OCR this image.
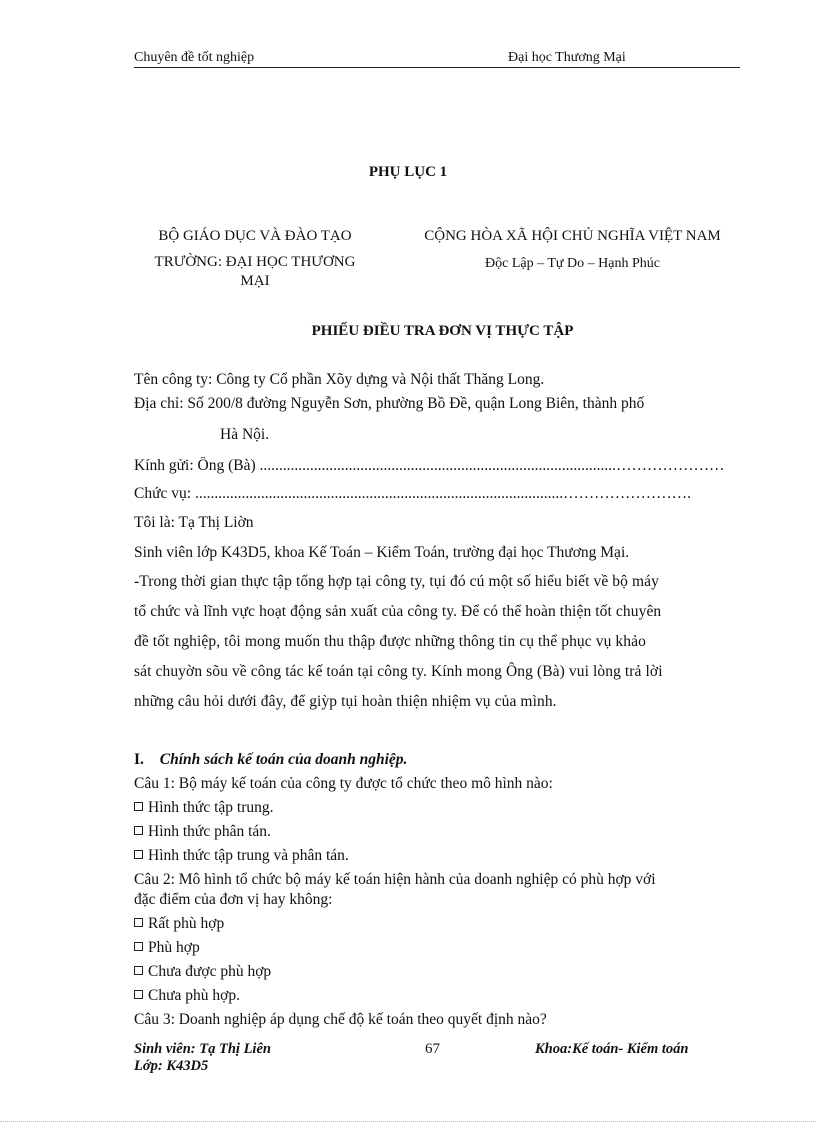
Chuyên đề tốt nghiệp	Đại học Thương Mại
PHỤ LỤC 1
BỘ GIÁO DỤC VÀ ĐÀO TẠO
TRƯỜNG: ĐẠI HỌC THƯƠNG
MẠI
CỘNG HÒA XÃ HỘI CHỦ NGHĨA VIỆT NAM
Độc Lập – Tự Do – Hạnh Phúc
PHIẾU ĐIỀU TRA ĐƠN VỊ THỰC TẬP
Tên công ty: Công ty Cổ phần Xõy dựng và Nội thất Thăng Long.
Địa chỉ: Số 200/8 đường Nguyễn Sơn, phường Bồ Đề, quận Long Biên, thành phố
Hà Nội.
Kính gửi: Ông (Bà) ............................................................................................…………………
Chức vụ: ...............................................................................................…………………….
Tôi là: Tạ Thị Liờn
Sinh viên lớp K43D5, khoa Kế Toán – Kiểm Toán, trường đại học Thương Mại.
-Trong thời gian thực tập tổng hợp tại công ty, tụi đó cú một số hiểu biết về bộ máy
tổ chức và lĩnh vực hoạt động sản xuất của công ty. Để có thể hoàn thiện tốt chuyên
đề tốt nghiệp, tôi mong muốn thu thập được những thông tin cụ thể phục vụ khảo
sát chuyờn sõu về công tác kế toán tại công ty. Kính mong Ông (Bà) vui lòng trả lời
những câu hỏi dưới đây, để giỳp tụi hoàn thiện nhiệm vụ của mình.
I. Chính sách kế toán của doanh nghiệp.
Câu 1: Bộ máy kế toán của công ty được tổ chức theo mô hình nào:
Hình thức tập trung.
Hình thức phân tán.
Hình thức tập trung và phân tán.
Câu 2: Mô hình tổ chức bộ máy kế toán hiện hành của doanh nghiệp có phù hợp với
đặc điểm của đơn vị hay không:
Rất phù hợp
Phù hợp
Chưa được phù hợp
Chưa phù hợp.
Câu 3: Doanh nghiệp áp dụng chế độ kế toán theo quyết định nào?
Sinh viên: Tạ Thị Liên
Lớp: K43D5
67	Khoa:Kế toán- Kiểm toán
